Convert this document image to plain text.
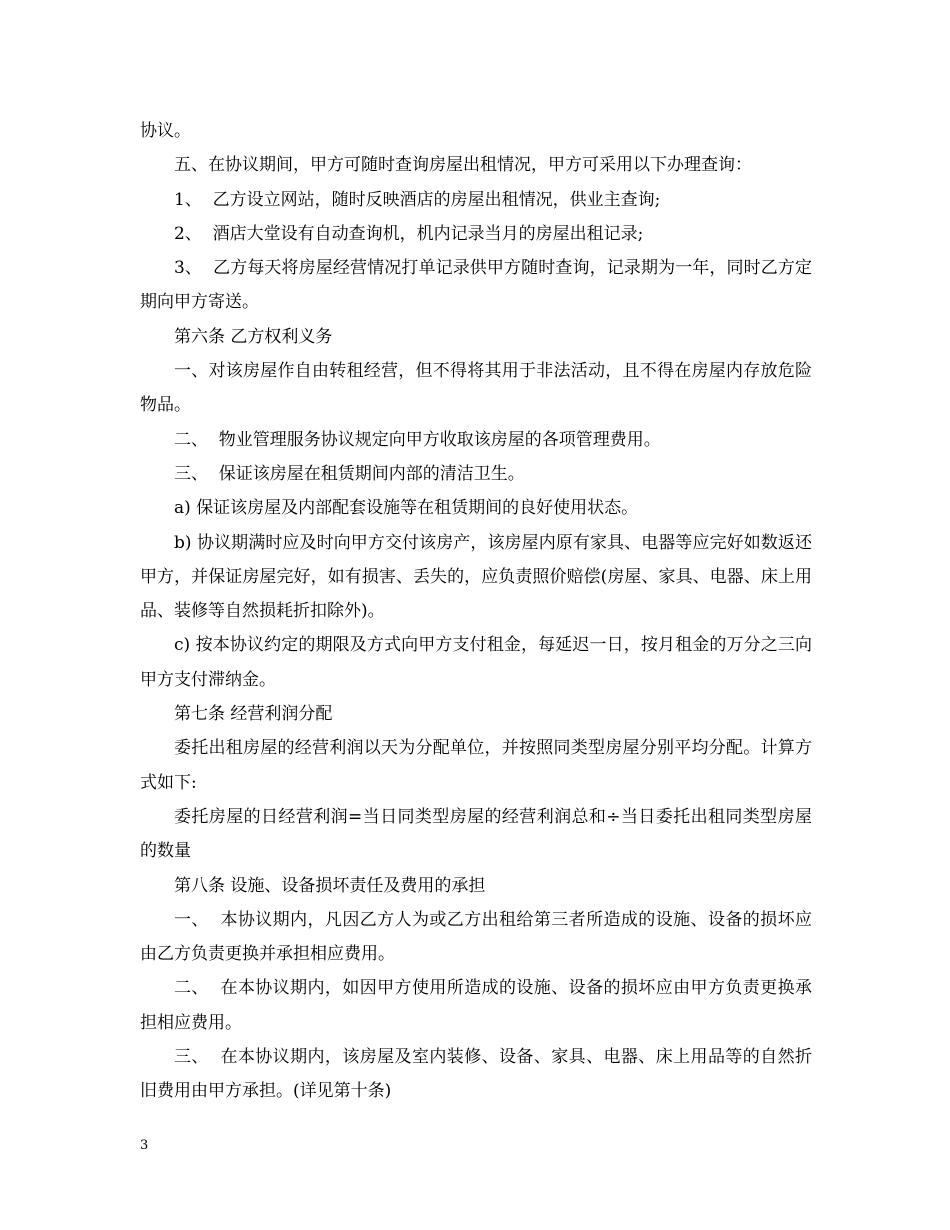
协议。

五、在协议期间，甲方可随时查询房屋出租情况，甲方可采用以下办理查询：

1、  乙方设立网站，随时反映酒店的房屋出租情况，供业主查询;

2、  酒店大堂设有自动查询机，机内记录当月的房屋出租记录;

3、  乙方每天将房屋经营情况打单记录供甲方随时查询，记录期为一年，同时乙方定期向甲方寄送。

第六条 乙方权利义务

一、对该房屋作自由转租经营，但不得将其用于非法活动，且不得在房屋内存放危险物品。

二、  物业管理服务协议规定向甲方收取该房屋的各项管理费用。

三、  保证该房屋在租赁期间内部的清洁卫生。

a) 保证该房屋及内部配套设施等在租赁期间的良好使用状态。

b) 协议期满时应及时向甲方交付该房产，该房屋内原有家具、电器等应完好如数返还甲方，并保证房屋完好，如有损害、丢失的，应负责照价赔偿(房屋、家具、电器、床上用品、装修等自然损耗折扣除外)。

c) 按本协议约定的期限及方式向甲方支付租金，每延迟一日，按月租金的万分之三向甲方支付滞纳金。

第七条 经营利润分配

委托出租房屋的经营利润以天为分配单位，并按照同类型房屋分别平均分配。计算方式如下:

委托房屋的日经营利润=当日同类型房屋的经营利润总和÷当日委托出租同类型房屋的数量

第八条 设施、设备损坏责任及费用的承担

一、  本协议期内，凡因乙方人为或乙方出租给第三者所造成的设施、设备的损坏应由乙方负责更换并承担相应费用。

二、  在本协议期内，如因甲方使用所造成的设施、设备的损坏应由甲方负责更换承担相应费用。

三、  在本协议期内，该房屋及室内装修、设备、家具、电器、床上用品等的自然折旧费用由甲方承担。(详见第十条)

3
